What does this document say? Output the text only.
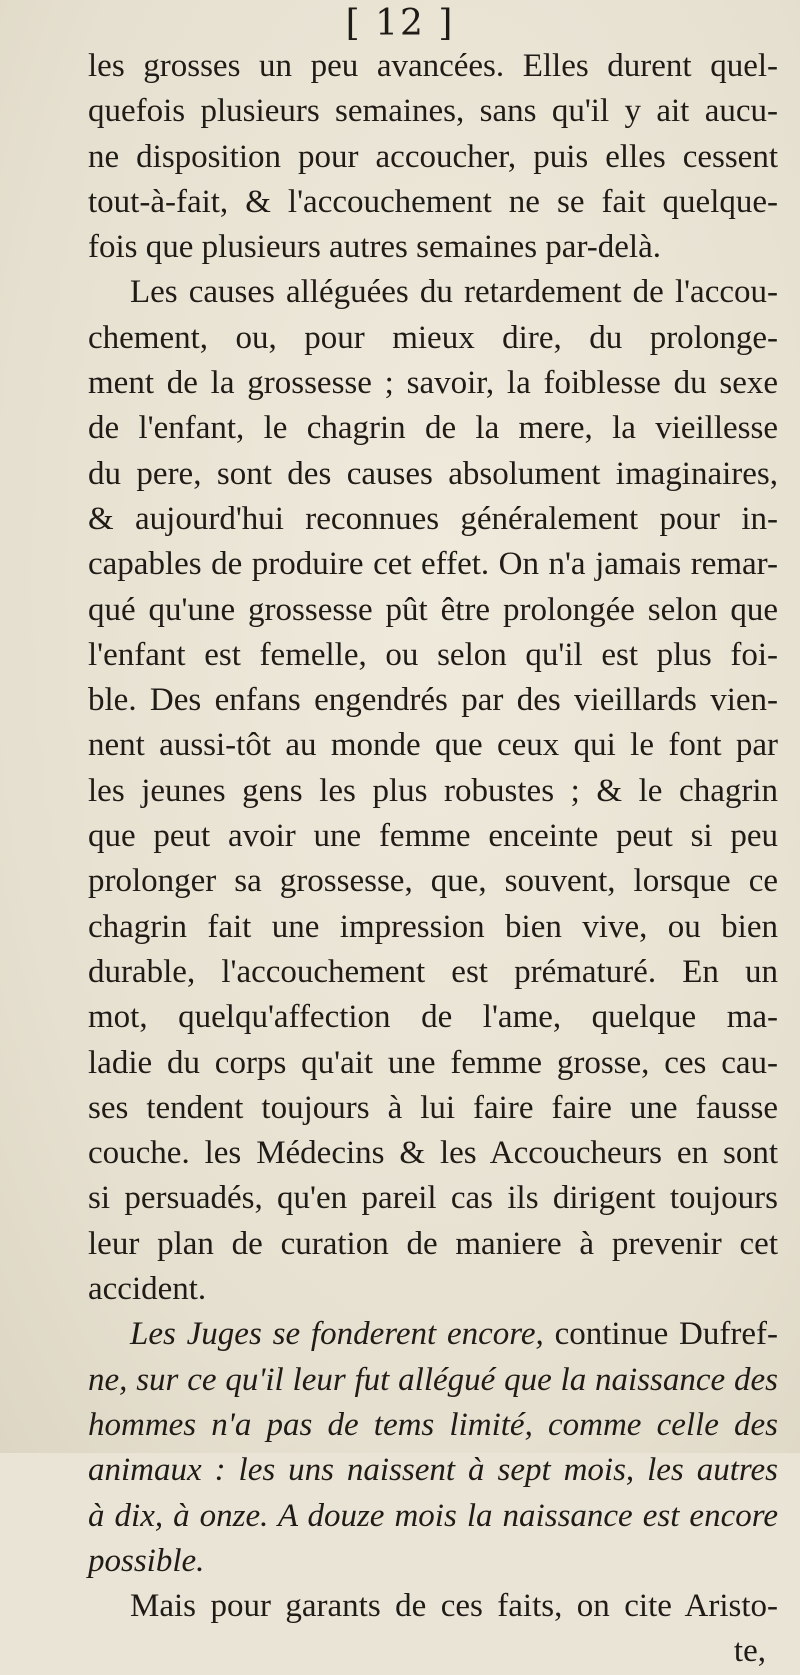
[ 12 ]
les grosses un peu avancées. Elles durent quel-
quefois plusieurs semaines, sans qu'il y ait aucu-
ne disposition pour accoucher, puis elles cessent
tout-à-fait, & l'accouchement ne se fait quelque-
fois que plusieurs autres semaines par-delà.
Les causes alléguées du retardement de l'accou-
chement, ou, pour mieux dire, du prolonge-
ment de la grossesse ; savoir, la foiblesse du sexe
de l'enfant, le chagrin de la mere, la vieillesse
du pere, sont des causes absolument imaginaires,
& aujourd'hui reconnues généralement pour in-
capables de produire cet effet. On n'a jamais remar-
qué qu'une grossesse pût être prolongée selon que
l'enfant est femelle, ou selon qu'il est plus foi-
ble. Des enfans engendrés par des vieillards vien-
nent aussi-tôt au monde que ceux qui le font par
les jeunes gens les plus robustes ; & le chagrin
que peut avoir une femme enceinte peut si peu
prolonger sa grossesse, que, souvent, lorsque ce
chagrin fait une impression bien vive, ou bien
durable, l'accouchement est prématuré. En un
mot, quelqu'affection de l'ame, quelque ma-
ladie du corps qu'ait une femme grosse, ces cau-
ses tendent toujours à lui faire faire une fausse
couche. les Médecins & les Accoucheurs en sont
si persuadés, qu'en pareil cas ils dirigent toujours
leur plan de curation de maniere à prevenir cet
accident.
Les Juges se fonderent encore, continue Dufref-
ne, sur ce qu'il leur fut allégué que la naissance des
hommes n'a pas de tems limité, comme celle des
animaux : les uns naissent à sept mois, les autres
à dix, à onze. A douze mois la naissance est encore
possible.
Mais pour garants de ces faits, on cite Aristo-
te,
